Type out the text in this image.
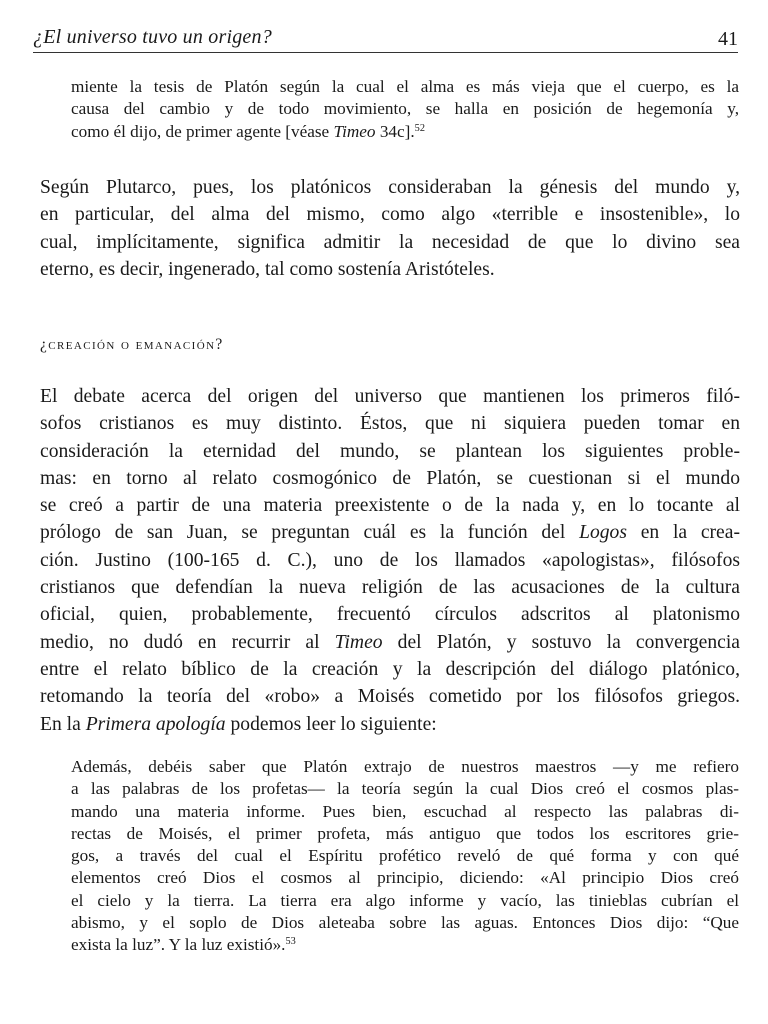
¿El universo tuvo un origen?	41
miente la tesis de Platón según la cual el alma es más vieja que el cuerpo, es la
causa del cambio y de todo movimiento, se halla en posición de hegemonía y,
como él dijo, de primer agente [véase Timeo 34c].$^{52}$
Según Plutarco, pues, los platónicos consideraban la génesis del mundo y,
en particular, del alma del mismo, como algo «terrible e insostenible», lo
cual, implícitamente, significa admitir la necesidad de que lo divino sea
eterno, es decir, ingenerado, tal como sostenía Aristóteles.
¿creación o emanación?
El debate acerca del origen del universo que mantienen los primeros filó-
sofos cristianos es muy distinto. Éstos, que ni siquiera pueden tomar en
consideración la eternidad del mundo, se plantean los siguientes proble-
mas: en torno al relato cosmogónico de Platón, se cuestionan si el mundo
se creó a partir de una materia preexistente o de la nada y, en lo tocante al
prólogo de san Juan, se preguntan cuál es la función del Logos en la crea-
ción. Justino (100-165 d. C.), uno de los llamados «apologistas», filósofos
cristianos que defendían la nueva religión de las acusaciones de la cultura
oficial, quien, probablemente, frecuentó círculos adscritos al platonismo
medio, no dudó en recurrir al Timeo del Platón, y sostuvo la convergencia
entre el relato bíblico de la creación y la descripción del diálogo platónico,
retomando la teoría del «robo» a Moisés cometido por los filósofos griegos.
En la Primera apología podemos leer lo siguiente:
Además, debéis saber que Platón extrajo de nuestros maestros —y me refiero
a las palabras de los profetas— la teoría según la cual Dios creó el cosmos plas-
mando una materia informe. Pues bien, escuchad al respecto las palabras di-
rectas de Moisés, el primer profeta, más antiguo que todos los escritores grie-
gos, a través del cual el Espíritu profético reveló de qué forma y con qué
elementos creó Dios el cosmos al principio, diciendo: «Al principio Dios creó
el cielo y la tierra. La tierra era algo informe y vacío, las tinieblas cubrían el
abismo, y el soplo de Dios aleteaba sobre las aguas. Entonces Dios dijo: “Que
exista la luz”. Y la luz existió».$^{53}$
